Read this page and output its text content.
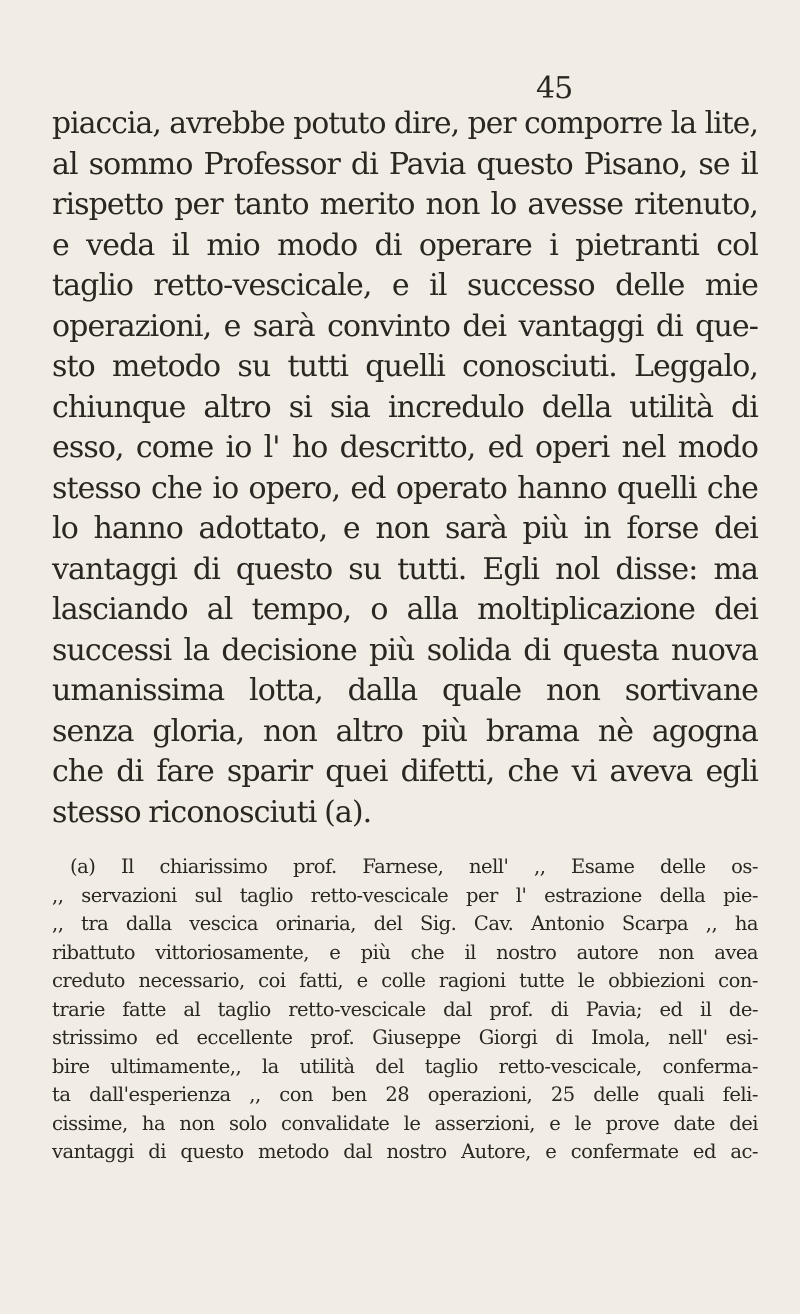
45
piaccia, avrebbe potuto dire, per comporre la lite,
al sommo Professor di Pavia questo Pisano, se il
rispetto per tanto merito non lo avesse ritenuto,
e veda il mio modo di operare i pietranti col
taglio retto-vescicale, e il successo delle mie
operazioni, e sarà convinto dei vantaggi di que-
sto metodo su tutti quelli conosciuti. Leggalo,
chiunque altro si sia incredulo della utilità di
esso, come io l' ho descritto, ed operi nel modo
stesso che io opero, ed operato hanno quelli che
lo hanno adottato, e non sarà più in forse dei
vantaggi di questo su tutti. Egli nol disse: ma
lasciando al tempo, o alla moltiplicazione dei
successi la decisione più solida di questa nuova
umanissima lotta, dalla quale non sortivane
senza gloria, non altro più brama nè agogna
che di fare sparir quei difetti, che vi aveva egli
stesso riconosciuti (a).
(a) Il chiarissimo prof. Farnese, nell' ,, Esame delle os-
,, servazioni sul taglio retto-vescicale per l' estrazione della pie-
,, tra dalla vescica orinaria, del Sig. Cav. Antonio Scarpa ,, ha
ribattuto vittoriosamente, e più che il nostro autore non avea
creduto necessario, coi fatti, e colle ragioni tutte le obbiezioni con-
trarie fatte al taglio retto-vescicale dal prof. di Pavia; ed il de-
strissimo ed eccellente prof. Giuseppe Giorgi di Imola, nell' esi-
bire ultimamente,, la utilità del taglio retto-vescicale, conferma-
ta dall'esperienza ,, con ben 28 operazioni, 25 delle quali feli-
cissime, ha non solo convalidate le asserzioni, e le prove date dei
vantaggi di questo metodo dal nostro Autore, e confermate ed ac-
